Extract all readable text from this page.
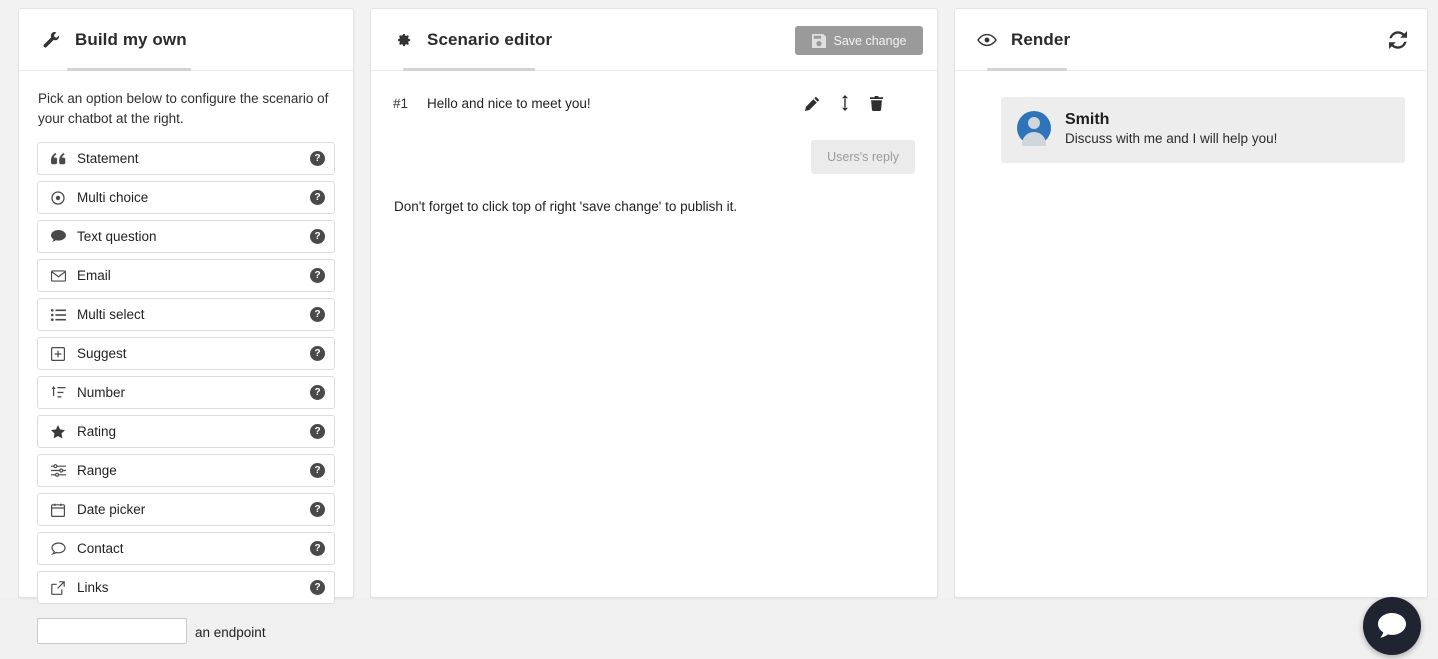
Build my own

Pick an option below to configure the scenario of your chatbot at the right.

Statement	?
Multi choice	?
Text question	?
Email	?
Multi select	?
Suggest	?
Number	?
Rating	?
Range	?
Date picker	?
Contact	?
Links	?
an endpoint
Scenario editor	Save change
#1	Hello and nice to meet you!
Users's reply
Don't forget to click top of right 'save change' to publish it.
Render
Smith
Discuss with me and I will help you!
